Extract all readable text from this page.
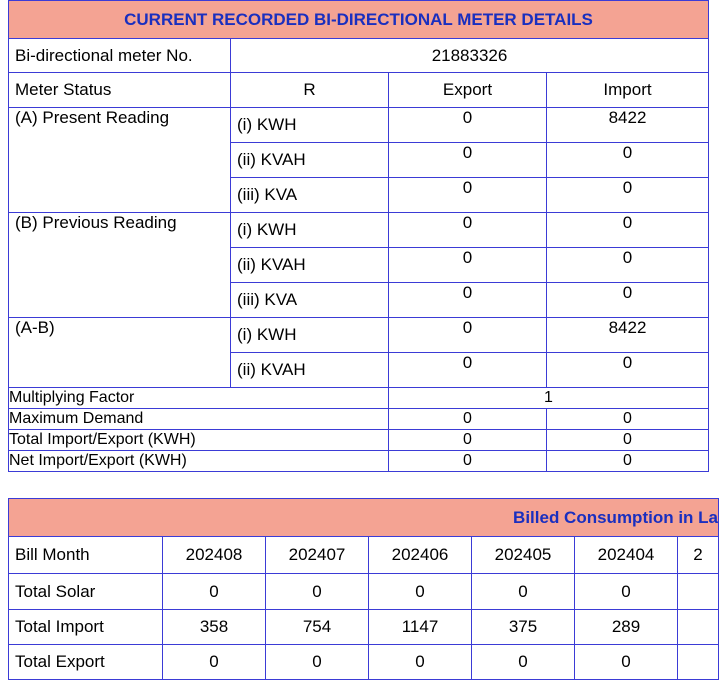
CURRENT RECORDED BI-DIRECTIONAL METER DETAILS			
Bi-directional meter No.	21883326		
Meter Status	R	Export	Import
(A) Present Reading	(i) KWH	0	8422
	(ii) KVAH	0	0
	(iii) KVA	0	0
(B) Previous Reading	(i) KWH	0	0
	(ii) KVAH	0	0
	(iii) KVA	0	0
(A-B)	(i) KWH	0	8422
	(ii) KVAH	0	0
Multiplying Factor		1	
Maximum Demand		0	0
Total Import/Export (KWH)		0	0
Net Import/Export (KWH)		0	0
Billed Consumption in La						
Bill Month	202408	202407	202406	202405	202404	2
Total Solar	0	0	0	0	0	
Total Import	358	754	1147	375	289	
Total Export	0	0	0	0	0	
